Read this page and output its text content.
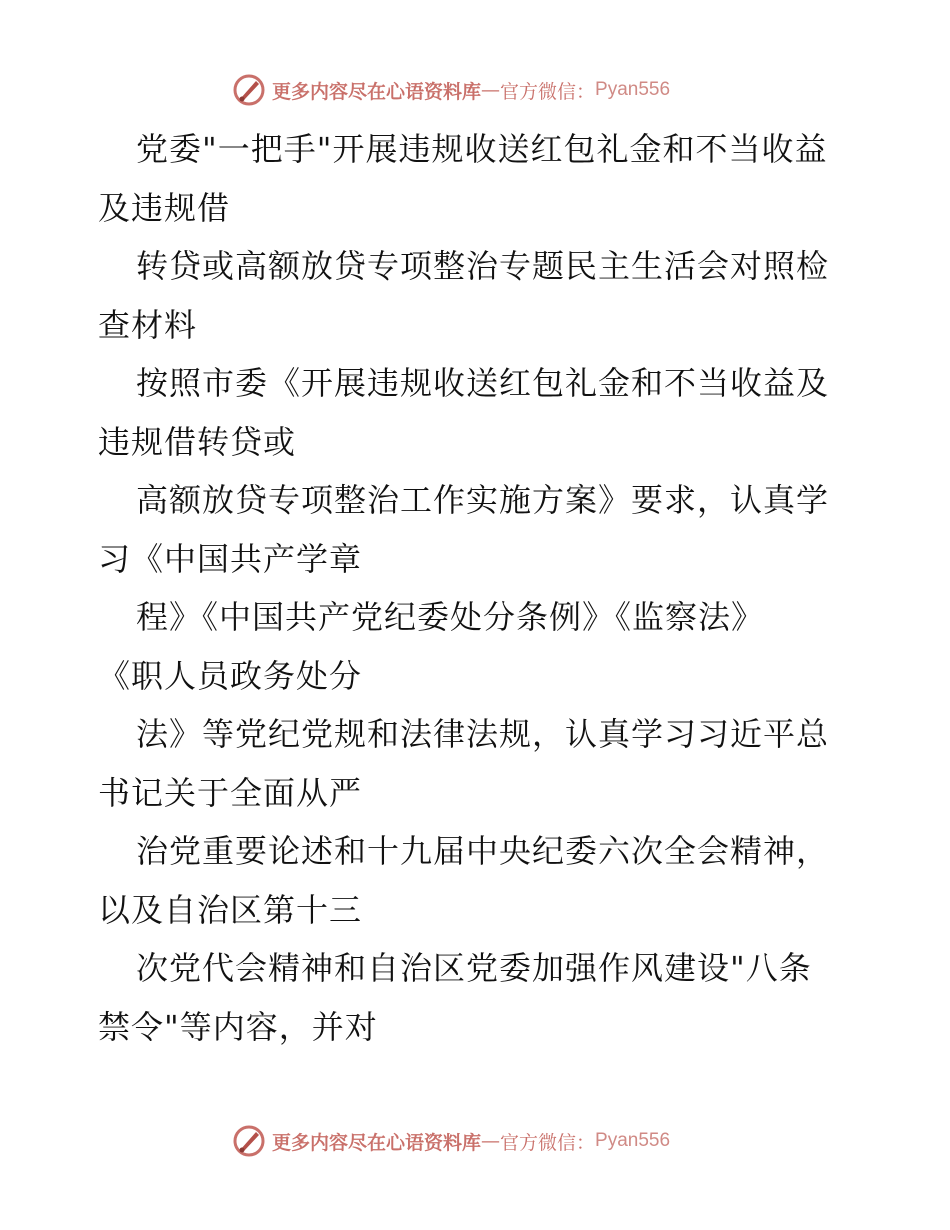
更多内容尽在心语资料库 — 官方微信： Pyan556
党委"一把手"开展违规收送红包礼金和不当收益
及违规借
转贷或高额放贷专项整治专题民主生活会对照检
查材料
按照市委《开展违规收送红包礼金和不当收益及
违规借转贷或
高额放贷专项整治工作实施方案》要求，认真学
习《中国共产学章
程》《中国共产党纪委处分条例》《监察法》
《职人员政务处分
法》等党纪党规和法律法规，认真学习习近平总
书记关于全面从严
治党重要论述和十九届中央纪委六次全会精神，
以及自治区第十三
次党代会精神和自治区党委加强作风建设"八条
禁令"等内容，并对
更多内容尽在心语资料库 — 官方微信： Pyan556
